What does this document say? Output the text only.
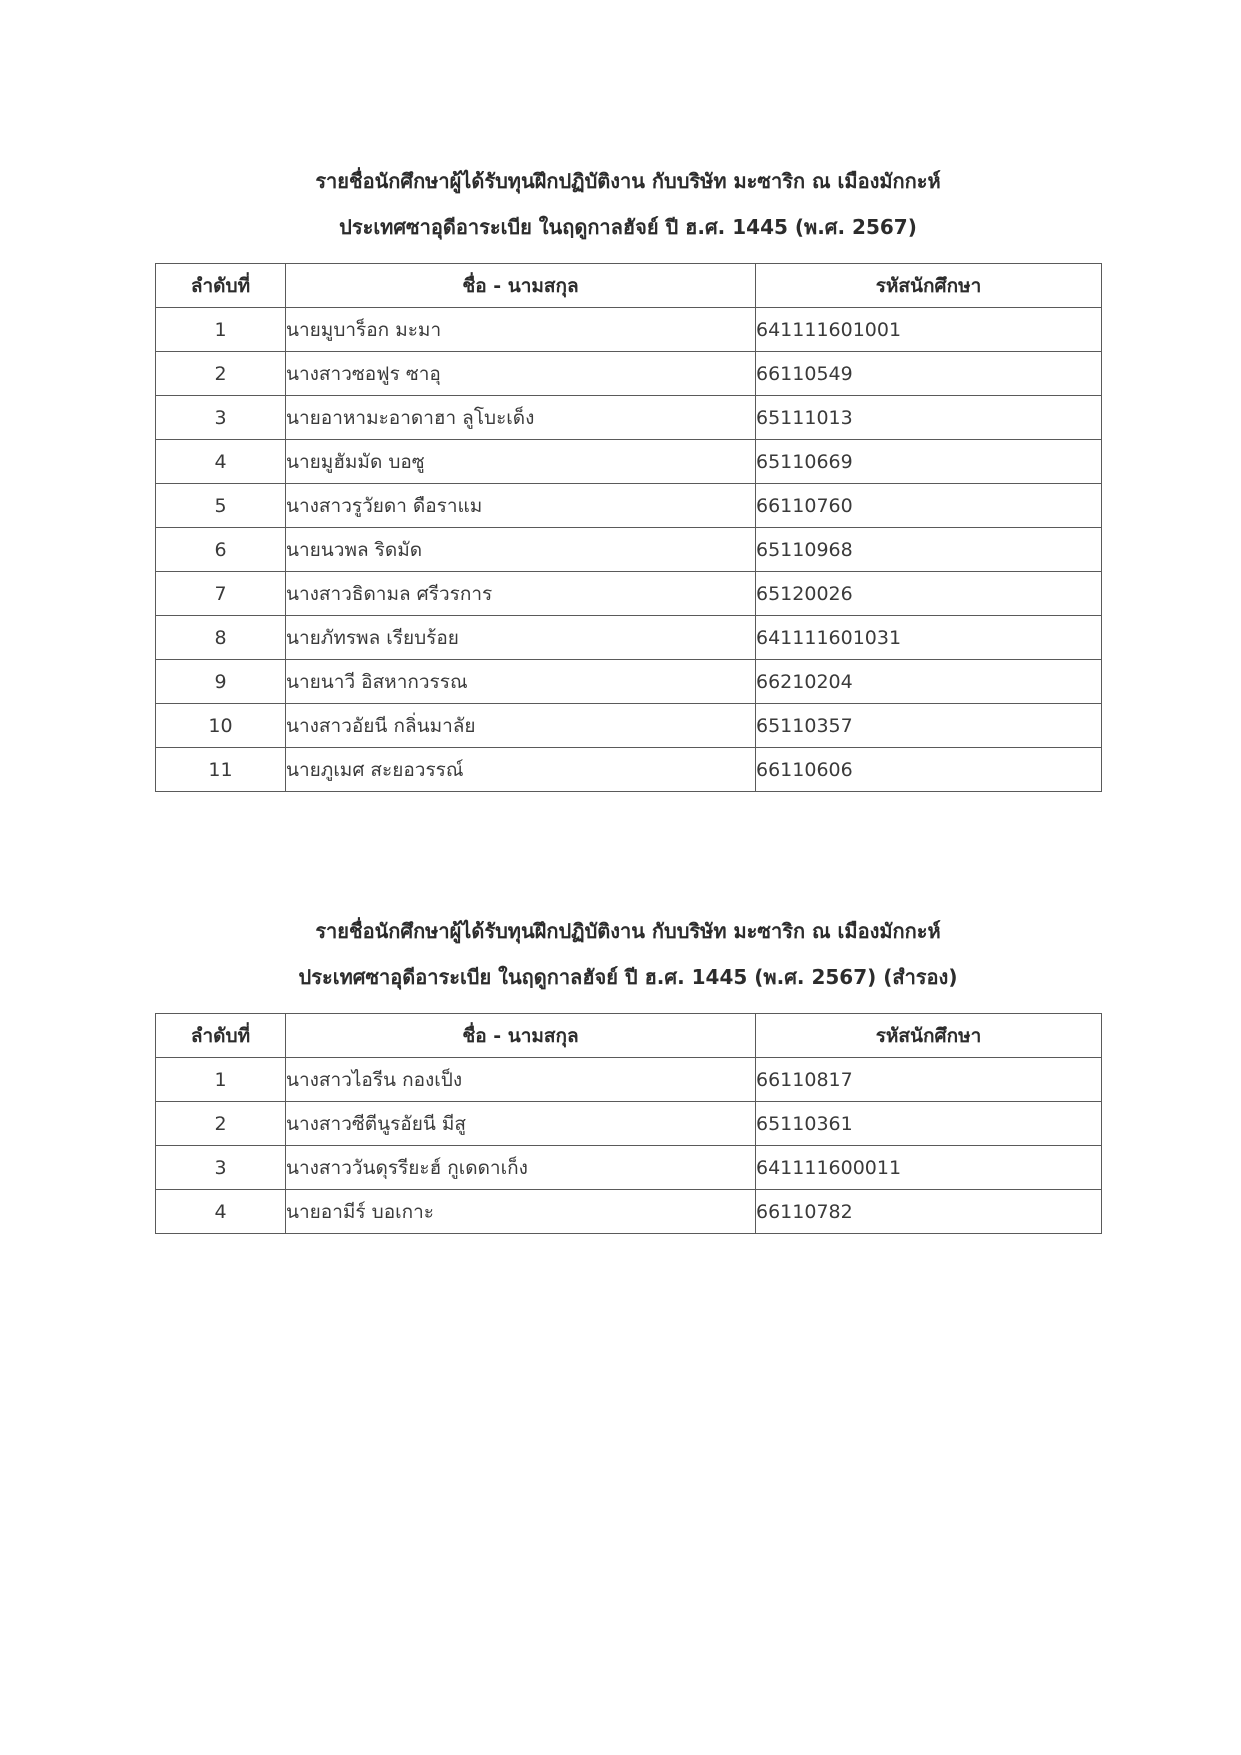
รายชื่อนักศึกษาผู้ได้รับทุนฝึกปฏิบัติงาน กับบริษัท มะซาริก ณ เมืองมักกะห์
ประเทศซาอุดีอาระเบีย ในฤดูกาลฮัจย์ ปี ฮ.ศ. 1445 (พ.ศ. 2567)
ลำดับที่	ชื่อ - นามสกุล	รหัสนักศึกษา
1	นายมูบาร็อก มะมา	641111601001
2	นางสาวซอฟูร ซาอุ	66110549
3	นายอาหามะอาดาฮา ลูโบะเด็ง	65111013
4	นายมูฮัมมัด บอซู	65110669
5	นางสาวรูวัยดา ดือราแม	66110760
6	นายนวพล ริดมัด	65110968
7	นางสาวธิดามล ศรีวรการ	65120026
8	นายภัทรพล เรียบร้อย	641111601031
9	นายนาวี อิสหากวรรณ	66210204
10	นางสาวอัยนี กลิ่นมาลัย	65110357
11	นายภูเมศ สะยอวรรณ์	66110606
รายชื่อนักศึกษาผู้ได้รับทุนฝึกปฏิบัติงาน กับบริษัท มะซาริก ณ เมืองมักกะห์
ประเทศซาอุดีอาระเบีย ในฤดูกาลฮัจย์ ปี ฮ.ศ. 1445 (พ.ศ. 2567) (สำรอง)
ลำดับที่	ชื่อ - นามสกุล	รหัสนักศึกษา
1	นางสาวไอรีน กองเป็ง	66110817
2	นางสาวซีตีนูรอัยนี มีสู	65110361
3	นางสาววันดุรรียะฮ์ กูเดดาเก็ง	641111600011
4	นายอามีร์ บอเกาะ	66110782
